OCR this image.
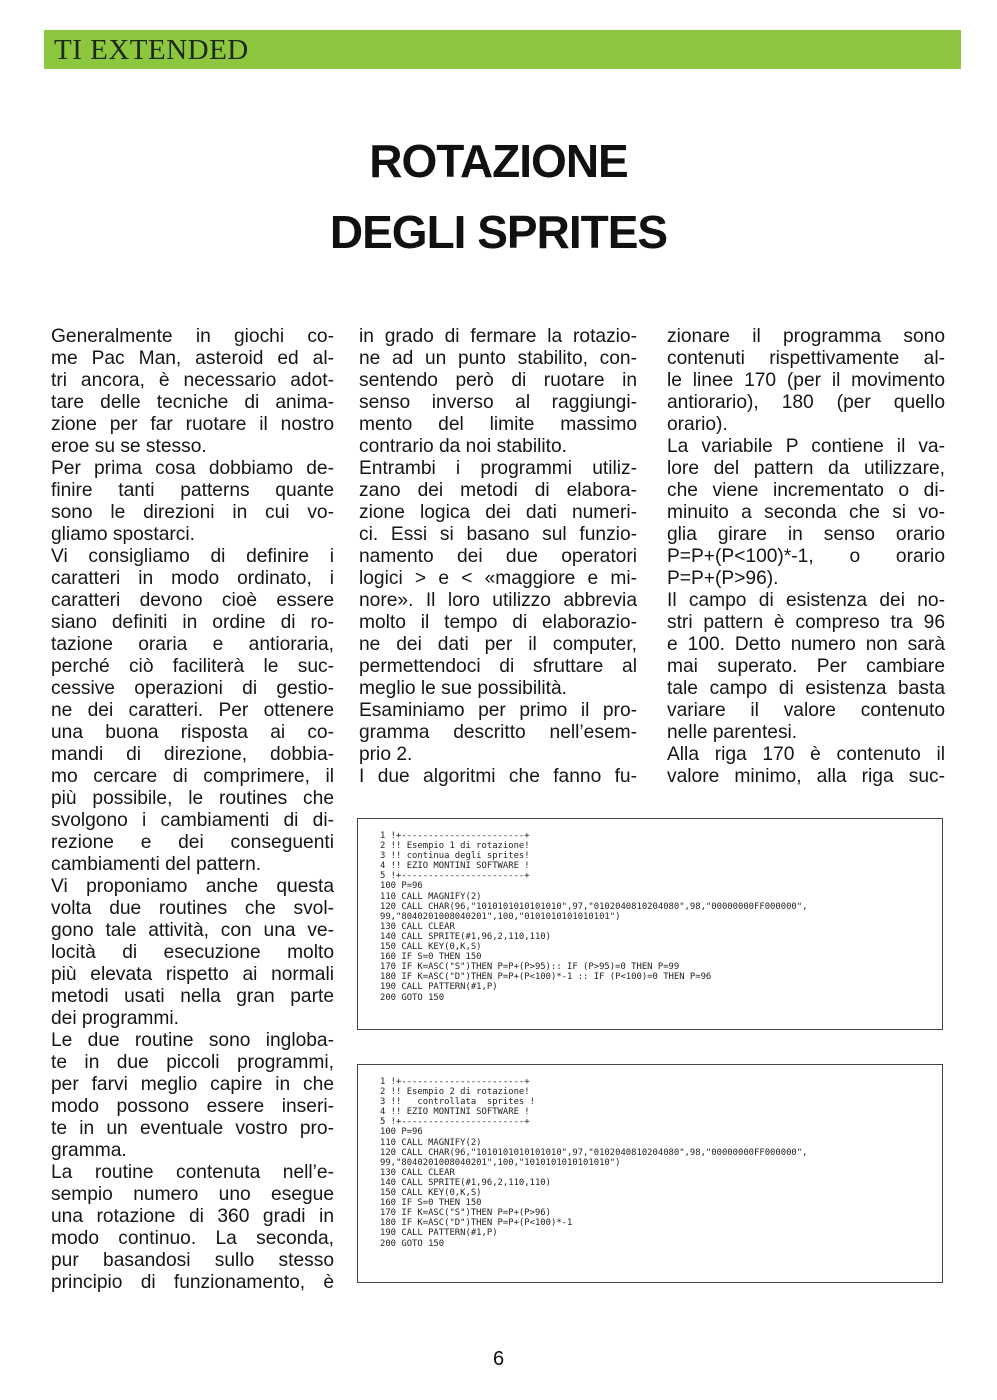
TI EXTENDED
ROTAZIONE
DEGLI SPRITES
Generalmente in giochi co-
me Pac Man, asteroid ed al-
tri ancora, è necessario adot-
tare delle tecniche di anima-
zione per far ruotare il nostro
eroe su se stesso.
Per prima cosa dobbiamo de-
finire tanti patterns quante
sono le direzioni in cui vo-
gliamo spostarci.
Vi consigliamo di definire i
caratteri in modo ordinato, i
caratteri devono cioè essere
siano definiti in ordine di ro-
tazione oraria e antioraria,
perché ciò faciliterà le suc-
cessive operazioni di gestio-
ne dei caratteri. Per ottenere
una buona risposta ai co-
mandi di direzione, dobbia-
mo cercare di comprimere, il
più possibile, le routines che
svolgono i cambiamenti di di-
rezione e dei conseguenti
cambiamenti del pattern.
Vi proponiamo anche questa
volta due routines che svol-
gono tale attività, con una ve-
locità di esecuzione molto
più elevata rispetto ai normali
metodi usati nella gran parte
dei programmi.
Le due routine sono ingloba-
te in due piccoli programmi,
per farvi meglio capire in che
modo possono essere inseri-
te in un eventuale vostro pro-
gramma.
La routine contenuta nell’e-
sempio numero uno esegue
una rotazione di 360 gradi in
modo continuo. La seconda,
pur basandosi sullo stesso
principio di funzionamento, è
in grado di fermare la rotazio-
ne ad un punto stabilito, con-
sentendo però di ruotare in
senso inverso al raggiungi-
mento del limite massimo
contrario da noi stabilito.
Entrambi i programmi utiliz-
zano dei metodi di elabora-
zione logica dei dati numeri-
ci. Essi si basano sul funzio-
namento dei due operatori
logici > e < «maggiore e mi-
nore». Il loro utilizzo abbrevia
molto il tempo di elaborazio-
ne dei dati per il computer,
permettendoci di sfruttare al
meglio le sue possibilità.
Esaminiamo per primo il pro-
gramma descritto nell’esem-
prio 2.
I due algoritmi che fanno fu-
zionare il programma sono
contenuti rispettivamente al-
le linee 170 (per il movimento
antiorario), 180 (per quello
orario).
La variabile P contiene il va-
lore del pattern da utilizzare,
che viene incrementato o di-
minuito a seconda che si vo-
glia girare in senso orario
P=P+(P<100)*-1, o orario
P=P+(P>96).
Il campo di esistenza dei no-
stri pattern è compreso tra 96
e 100. Detto numero non sarà
mai superato. Per cambiare
tale campo di esistenza basta
variare il valore contenuto
nelle parentesi.
Alla riga 170 è contenuto il
valore minimo, alla riga suc-
1 !+-----------------------+
2 !! Esempio 1 di rotazione!
3 !! continua degli sprites!
4 !! EZIO MONTINI SOFTWARE !
5 !+-----------------------+
100 P=96
110 CALL MAGNIFY(2)
120 CALL CHAR(96,"1010101010101010",97,"0102040810204080",98,"00000000FF000000",
99,"8040201008040201",100,"0101010101010101")
130 CALL CLEAR
140 CALL SPRITE(#1,96,2,110,110)
150 CALL KEY(0,K,S)
160 IF S=0 THEN 150
170 IF K=ASC("S")THEN P=P+(P>95):: IF (P>95)=0 THEN P=99
180 IF K=ASC("D")THEN P=P+(P<100)*-1 :: IF (P<100)=0 THEN P=96
190 CALL PATTERN(#1,P)
200 GOTO 150
1 !+-----------------------+
2 !! Esempio 2 di rotazione!
3 !!   controllata  sprites !
4 !! EZIO MONTINI SOFTWARE !
5 !+-----------------------+
100 P=96
110 CALL MAGNIFY(2)
120 CALL CHAR(96,"1010101010101010",97,"0102040810204080",98,"00000000FF000000",
99,"8040201008040201",100,"1010101010101010")
130 CALL CLEAR
140 CALL SPRITE(#1,96,2,110,110)
150 CALL KEY(0,K,S)
160 IF S=0 THEN 150
170 IF K=ASC("S")THEN P=P+(P>96)
180 IF K=ASC("D")THEN P=P+(P<100)*-1
190 CALL PATTERN(#1,P)
200 GOTO 150
6
